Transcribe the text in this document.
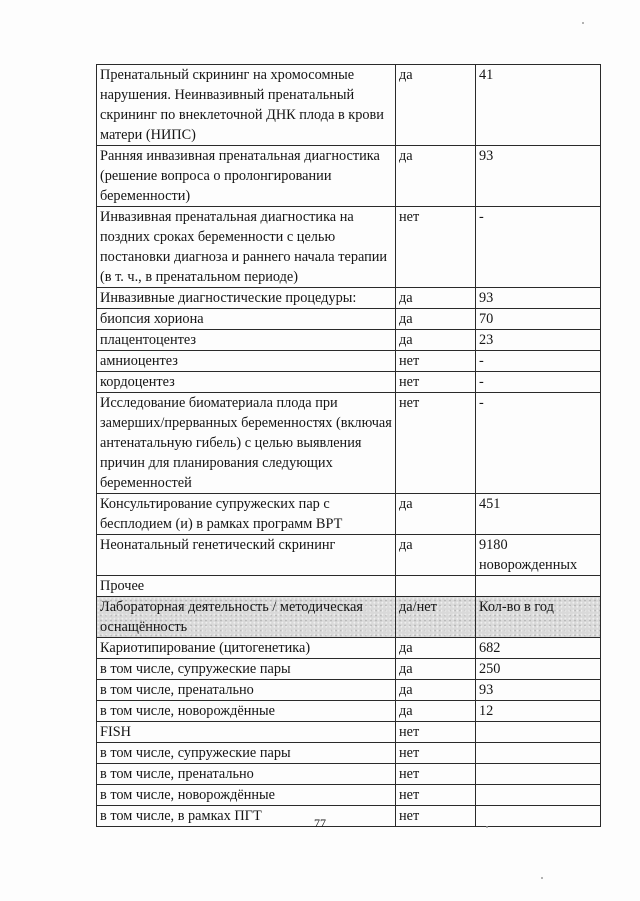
Пренатальный скрининг на хромосомные нарушения. Неинвазивный пренатальный скрининг по внеклеточной ДНК плода в крови матери (НИПС)	да	41
Ранняя инвазивная пренатальная диагностика (решение вопроса о пролонгировании беременности)	да	93
Инвазивная пренатальная диагностика на поздних сроках беременности с целью постановки диагноза и раннего начала терапии (в т. ч., в пренатальном периоде)	нет	-
Инвазивные диагностические процедуры:	да	93
биопсия хориона	да	70
плацентоцентез	да	23
амниоцентез	нет	-
кордоцентез	нет	-
Исследование биоматериала плода при замерших/прерванных беременностях (включая антенатальную гибель) с целью выявления причин для планирования следующих беременностей	нет	-
Консультирование супружеских пар с бесплодием (и) в рамках программ ВРТ	да	451
Неонатальный генетический скрининг	да	9180 новорожденных
Прочее		
Лабораторная деятельность / методическая оснащённость	да/нет	Кол-во в год
Кариотипирование (цитогенетика)	да	682
в том числе, супружеские пары	да	250
в том числе, пренатально	да	93
в том числе, новорождённые	да	12
FISH	нет	
в том числе, супружеские пары	нет	
в том числе, пренатально	нет	
в том числе, новорождённые	нет	
в том числе, в рамках ПГТ	нет	
77
